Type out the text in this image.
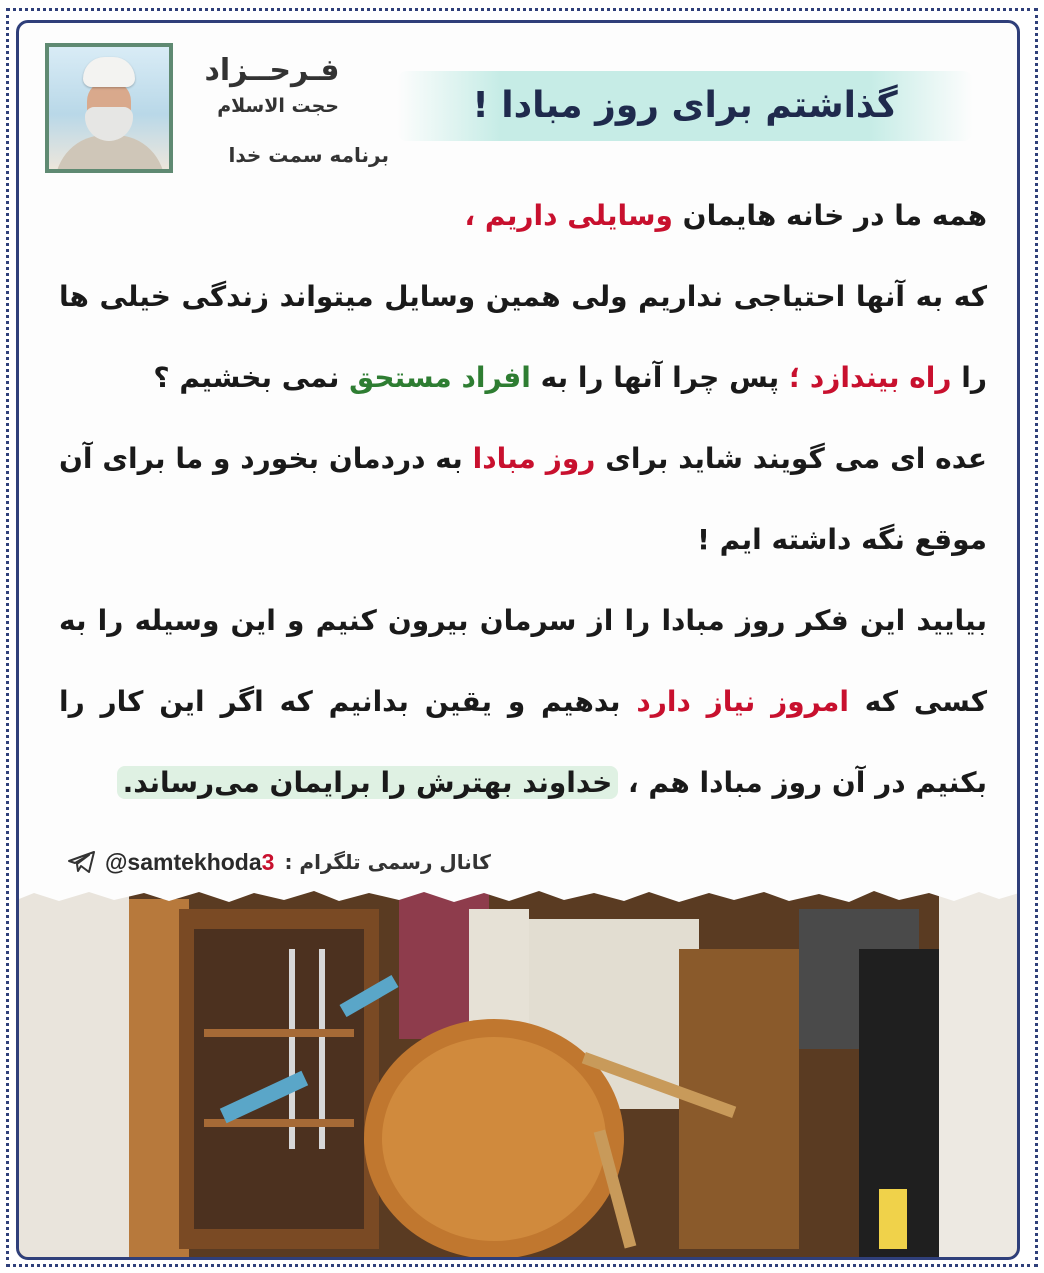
فـرحــزاد
حجت الاسلام
برنامه سمت خدا
گذاشتم برای روز مبادا !

همه ما در خانه هایمان وسایلی داریم ،

که به آنها احتیاجی نداریم ولی همین وسایل میتواند زندگی خیلی ها را راه بیندازد ؛ پس چرا آنها را به افراد مستحق نمی بخشیم ؟

عده ای می گویند شاید برای روز مبادا به دردمان بخورد و ما برای آن موقع نگه داشته ایم !

بیایید این فکر روز مبادا را از سرمان بیرون کنیم و این وسیله را به کسی که امروز نیاز دارد بدهیم و یقین بدانیم که اگر این کار را بکنیم در آن روز مبادا هم ، خداوند بهترش را برایمان می‌رساند.

@samtekhoda3 کانال رسمی تلگرام :
